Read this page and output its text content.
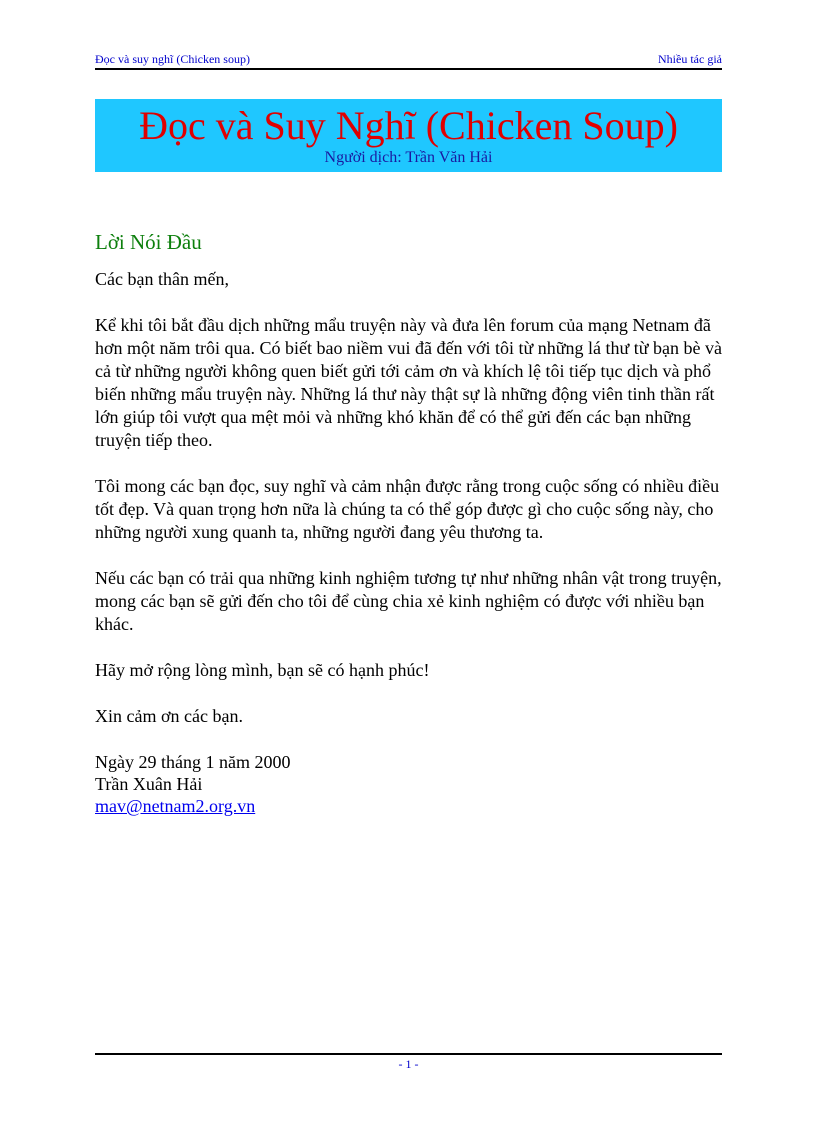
Đọc và suy nghĩ (Chicken soup)	Nhiều tác giả
Đọc và Suy Nghĩ (Chicken Soup)
Người dịch: Trần Văn Hải
Lời Nói Đầu

Các bạn thân mến,

Kể khi tôi bắt đầu dịch những mẩu truyện này và đưa lên forum của mạng Netnam đã hơn một năm trôi qua. Có biết bao niềm vui đã đến với tôi từ những lá thư từ bạn bè và cả từ những người không quen biết gửi tới cảm ơn và khích lệ tôi tiếp tục dịch và phổ biến những mẩu truyện này. Những lá thư này thật sự là những động viên tinh thần rất lớn giúp tôi vượt qua mệt mỏi và những khó khăn để có thể gửi đến các bạn những truyện tiếp theo.

Tôi mong các bạn đọc, suy nghĩ và cảm nhận được rằng trong cuộc sống có nhiều điều tốt đẹp. Và quan trọng hơn nữa là chúng ta có thể góp được gì cho cuộc sống này, cho những người xung quanh ta, những người đang yêu thương ta.

Nếu các bạn có trải qua những kinh nghiệm tương tự như những nhân vật trong truyện, mong các bạn sẽ gửi đến cho tôi để cùng chia xẻ kinh nghiệm có được với nhiều bạn khác.

Hãy mở rộng lòng mình, bạn sẽ có hạnh phúc!

Xin cảm ơn các bạn.

Ngày 29 tháng 1 năm 2000
Trần Xuân Hải
mav@netnam2.org.vn
- 1 -
